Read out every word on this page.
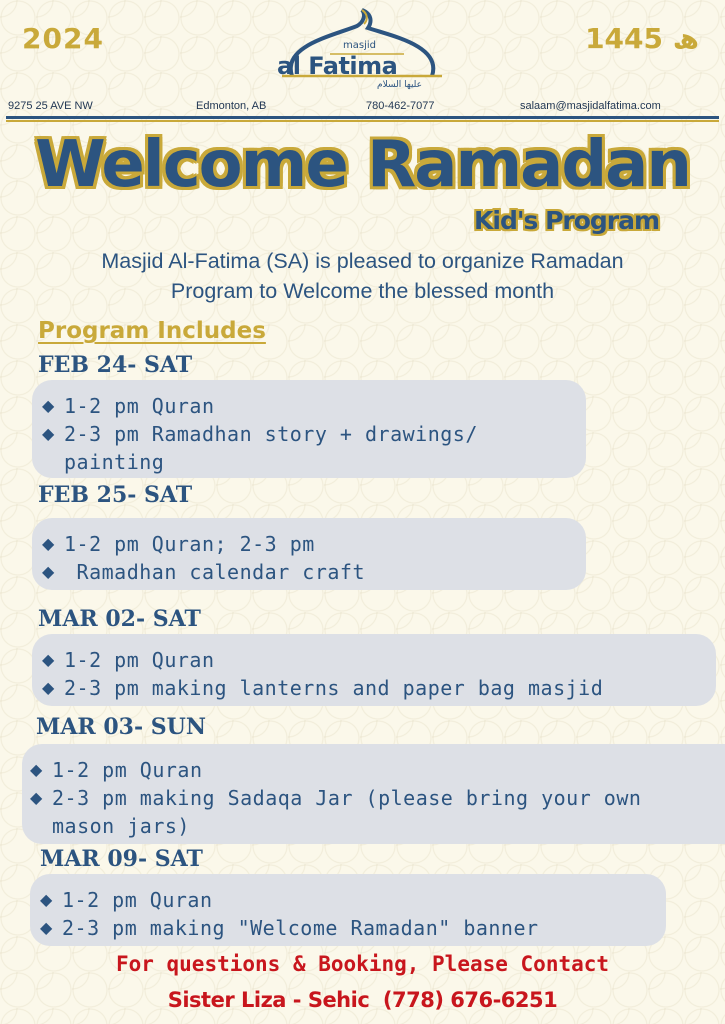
2024	ھ 1445
masjid
al Fatima
عليها السلام
9275 25 AVE NW	Edmonton, AB	780-462-7077	salaam@masjidalfatima.com
Welcome Ramadan
Kid's Program
Masjid Al-Fatima (SA) is pleased to organize Ramadan
Program to Welcome the blessed month
Program Includes
FEB 24- SAT
◆ 1-2 pm Quran
◆ 2-3 pm Ramadhan story + drawings/ painting
FEB 25- SAT
◆ 1-2 pm Quran; 2-3 pm
◆ Ramadhan calendar craft
MAR 02- SAT
◆ 1-2 pm Quran
◆ 2-3 pm making lanterns and paper bag masjid
MAR 03- SUN
◆ 1-2 pm Quran
◆ 2-3 pm making Sadaqa Jar (please bring your own mason jars)
MAR 09- SAT
◆ 1-2 pm Quran
◆ 2-3 pm making "Welcome Ramadan" banner
For questions & Booking, Please Contact
Sister Liza - Sehic  (778) 676-6251
